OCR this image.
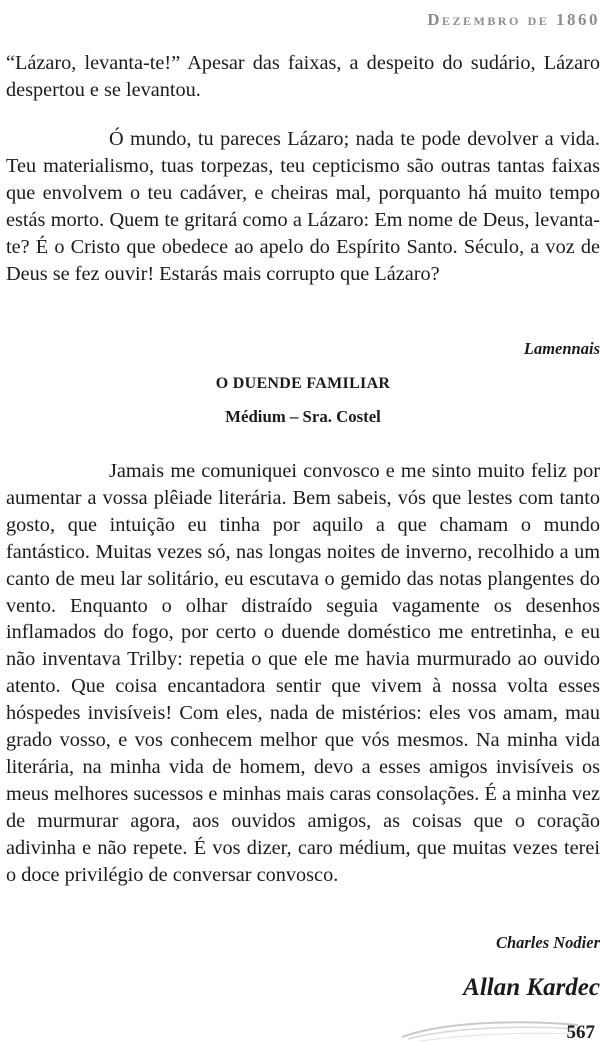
Dezembro de 1860

“Lázaro, levanta-te!” Apesar das faixas, a despeito do sudário, Lázaro despertou e se levantou.

Ó mundo, tu pareces Lázaro; nada te pode devolver a vida. Teu materialismo, tuas torpezas, teu cepticismo são outras tantas faixas que envolvem o teu cadáver, e cheiras mal, porquanto há muito tempo estás morto. Quem te gritará como a Lázaro: Em nome de Deus, levanta-te? É o Cristo que obedece ao apelo do Espírito Santo. Século, a voz de Deus se fez ouvir! Estarás mais corrupto que Lázaro?

Lamennais
O DUENDE FAMILIAR
Médium – Sra. Costel

Jamais me comuniquei convosco e me sinto muito feliz por aumentar a vossa plêiade literária. Bem sabeis, vós que lestes com tanto gosto, que intuição eu tinha por aquilo a que chamam o mundo fantástico. Muitas vezes só, nas longas noites de inverno, recolhido a um canto de meu lar solitário, eu escutava o gemido das notas plangentes do vento. Enquanto o olhar distraído seguia vagamente os desenhos inflamados do fogo, por certo o duende doméstico me entretinha, e eu não inventava Trilby: repetia o que ele me havia murmurado ao ouvido atento. Que coisa encantadora sentir que vivem à nossa volta esses hóspedes invisíveis! Com eles, nada de mistérios: eles vos amam, mau grado vosso, e vos conhecem melhor que vós mesmos. Na minha vida literária, na minha vida de homem, devo a esses amigos invisíveis os meus melhores sucessos e minhas mais caras consolações. É a minha vez de murmurar agora, aos ouvidos amigos, as coisas que o coração adivinha e não repete. É vos dizer, caro médium, que muitas vezes terei o doce privilégio de conversar convosco.

Charles Nodier
Allan Kardec
567
